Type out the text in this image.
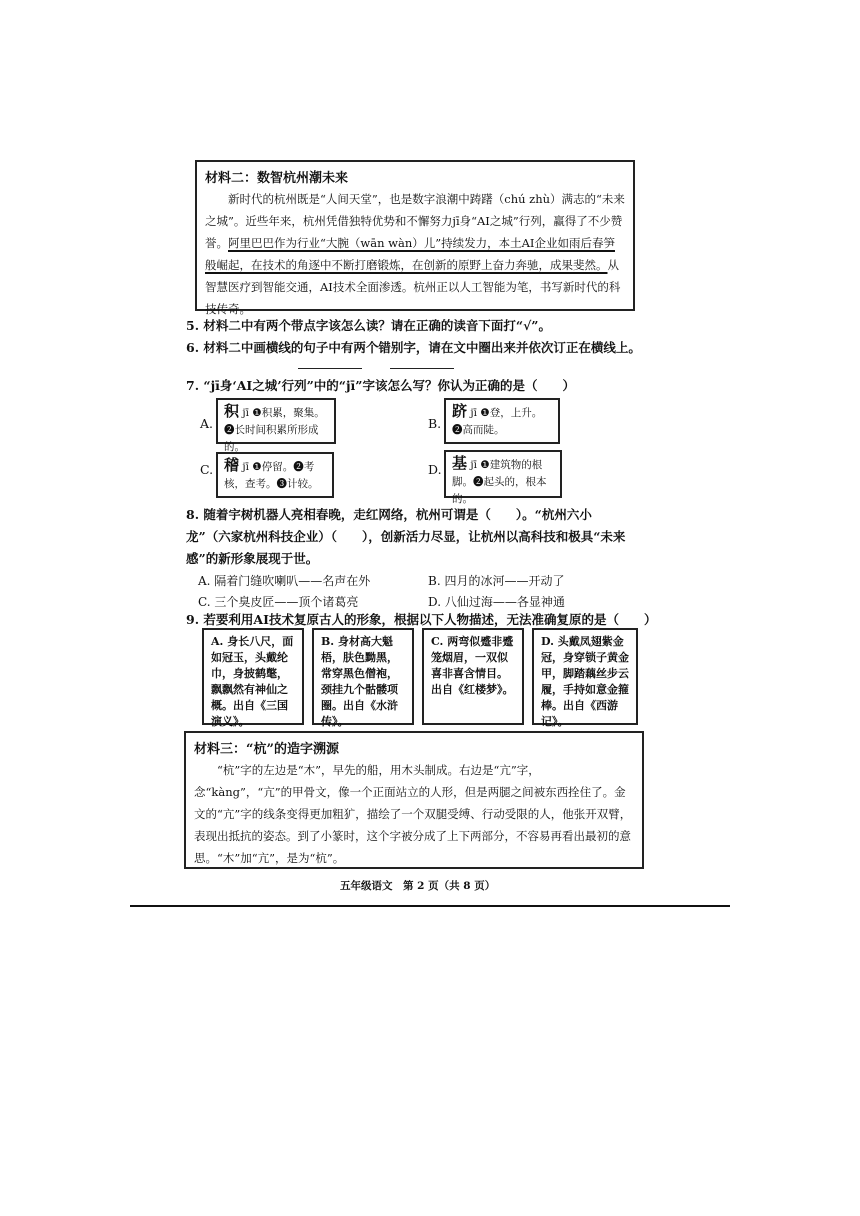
材料二：数智杭州潮未来

新时代的杭州既是“人间天堂”，也是数字浪潮中踌躇（chú zhù）满志的“未来之城”。近些年来，杭州凭借独特优势和不懈努力jī身“AI之城”行列，赢得了不少赞誉。阿里巴巴作为行业“大腕（wān wàn）儿”持续发力，本土AI企业如雨后春笋般崛起，在技术的角逐中不断打磨锻炼，在创新的原野上奋力奔驰，成果斐然。从智慧医疗到智能交通，AI技术全面渗透。杭州正以人工智能为笔，书写新时代的科技传奇。

5. 材料二中有两个带点字该怎么读？请在正确的读音下面打“√”。
6. 材料二中画横线的句子中有两个错别字，请在文中圈出来并依次订正在横线上。
7. “jī身‘AI之城’行列”中的“jī”字该怎么写？你认为正确的是（　　）
A.
积 jī ❶积累，聚集。❷长时间积累所形成的。
B.
跻 jī ❶登，上升。❷高而陡。
C. 稽 jī ❶停留。❷考核，查考。❸计较。
D. 基 jī ❶建筑物的根脚。❷起头的，根本的。
8. 随着宇树机器人亮相春晚，走红网络，杭州可谓是（　　）。“杭州六小龙”（六家杭州科技企业）（　　），创新活力尽显，让杭州以高科技和极具“未来感”的新形象展现于世。
A. 隔着门缝吹喇叭——名声在外	B. 四月的冰河——开动了
C. 三个臭皮匠——顶个诸葛亮	D. 八仙过海——各显神通
9. 若要利用AI技术复原古人的形象，根据以下人物描述，无法准确复原的是（　　）
A. 身长八尺，面如冠玉，头戴纶巾，身披鹤氅，飘飘然有神仙之概。出自《三国演义》。
B. 身材高大魁梧，肤色黝黑，常穿黑色僧袍，颈挂九个骷髅项圈。出自《水浒传》。
C. 两弯似蹙非蹙笼烟眉，一双似喜非喜含情目。出自《红楼梦》。
D. 头戴凤翅紫金冠，身穿锁子黄金甲，脚踏藕丝步云履，手持如意金箍棒。出自《西游记》。
材料三：“杭”的造字溯源

“杭”字的左边是“木”，早先的船，用木头制成。右边是“亢”字，念“kàng”，“亢”的甲骨文，像一个正面站立的人形，但是两腿之间被东西拴住了。金文的“亢”字的线条变得更加粗犷，描绘了一个双腿受缚、行动受限的人，他张开双臂，表现出抵抗的姿态。到了小篆时，这个字被分成了上下两部分，不容易再看出最初的意思。“木”加“亢”，是为“杭”。

五年级语文　第 2 页（共 8 页）
